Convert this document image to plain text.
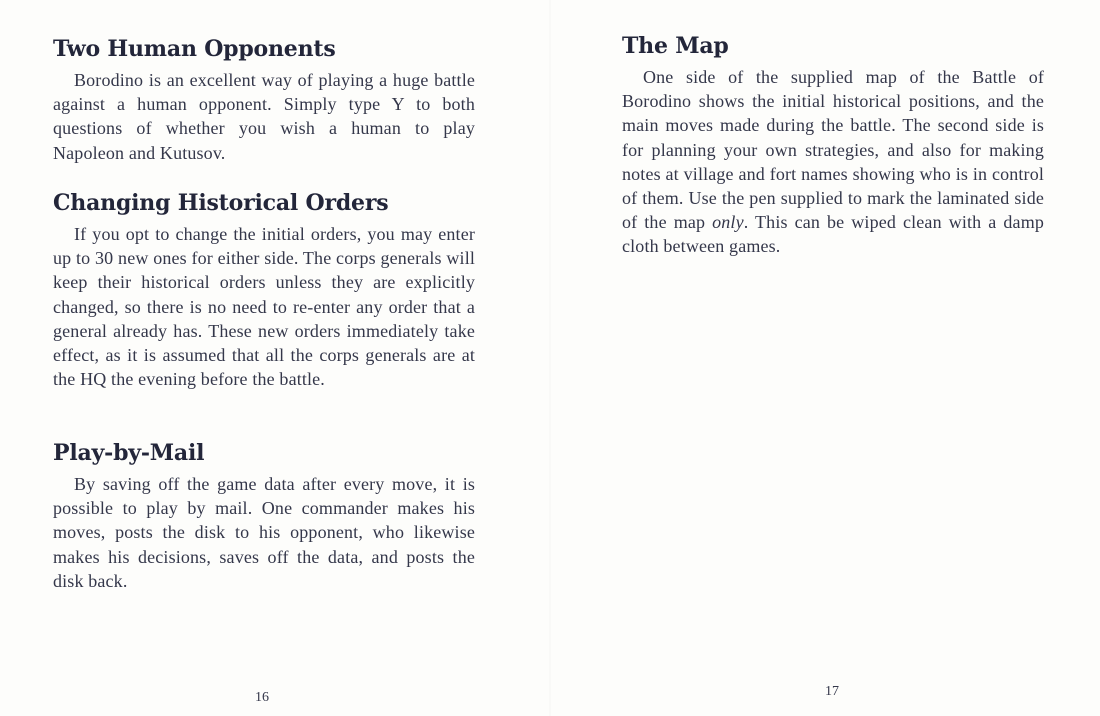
Two Human Opponents

Borodino is an excellent way of playing a huge battle against a human opponent. Simply type Y to both questions of whether you wish a human to play Napoleon and Kutusov.

Changing Historical Orders

If you opt to change the initial orders, you may enter up to 30 new ones for either side. The corps generals will keep their historical orders unless they are explicitly changed, so there is no need to re-enter any order that a general already has. These new orders immediately take effect, as it is assumed that all the corps generals are at the HQ the evening before the battle.

Play-by-Mail

By saving off the game data after every move, it is possible to play by mail. One commander makes his moves, posts the disk to his opponent, who likewise makes his decisions, saves off the data, and posts the disk back.

16
The Map

One side of the supplied map of the Battle of Borodino shows the initial historical positions, and the main moves made during the battle. The second side is for planning your own strategies, and also for making notes at village and fort names showing who is in control of them. Use the pen supplied to mark the laminated side of the map only. This can be wiped clean with a damp cloth between games.

17
